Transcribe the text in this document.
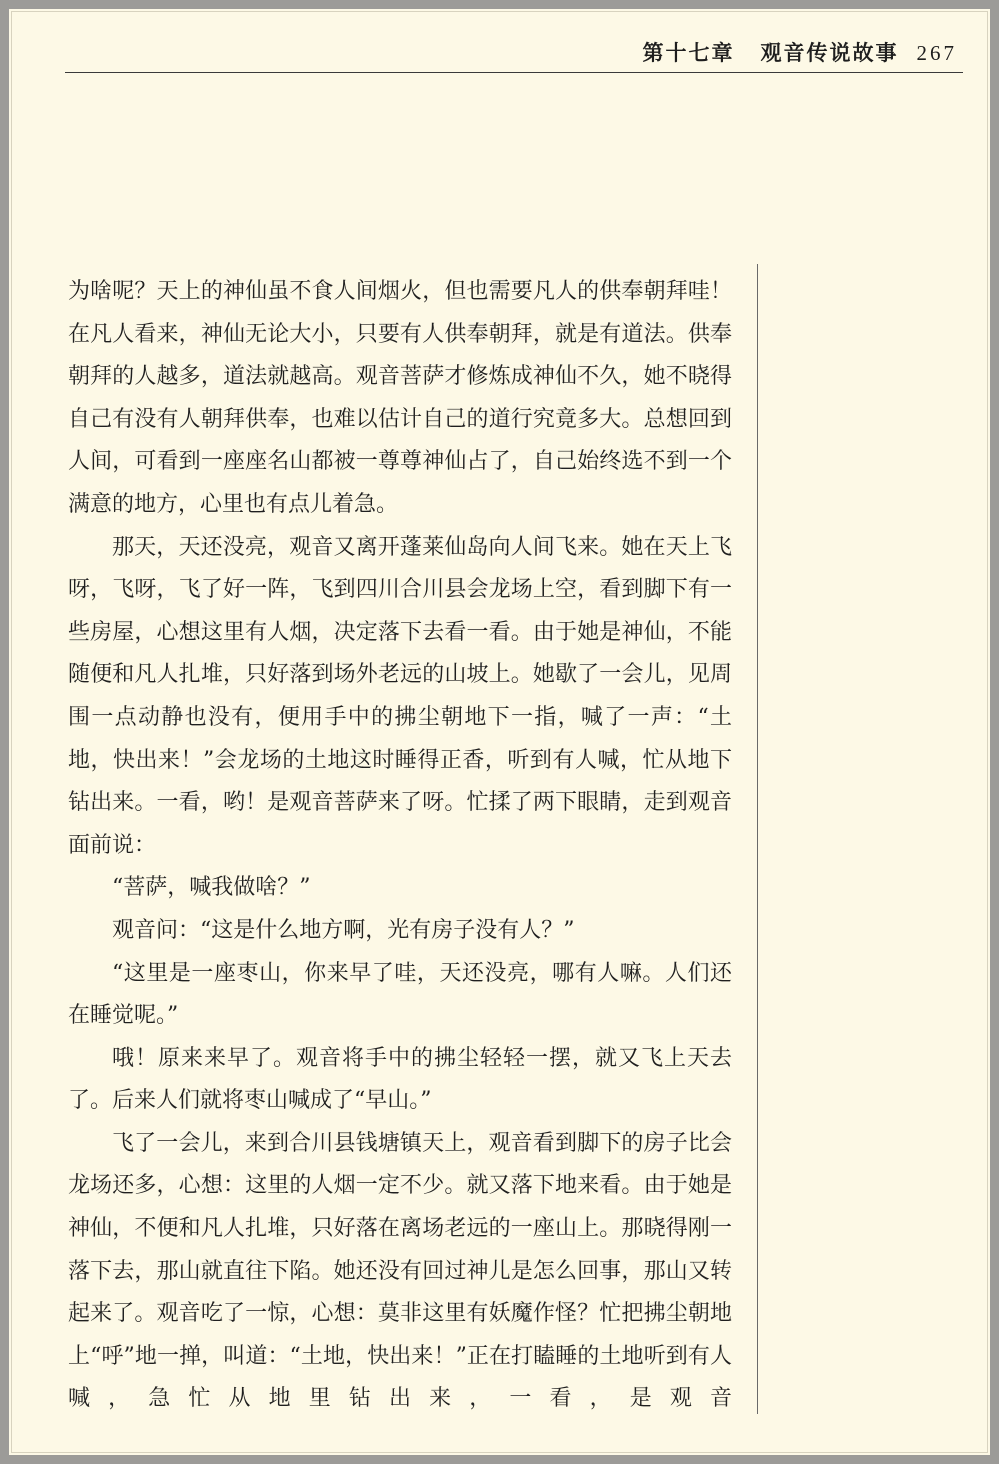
第十七章 观音传说故事 267

为啥呢？天上的神仙虽不食人间烟火，但也需要凡人的供奉朝拜哇！在凡人看来，神仙无论大小，只要有人供奉朝拜，就是有道法。供奉朝拜的人越多，道法就越高。观音菩萨才修炼成神仙不久，她不晓得自己有没有人朝拜供奉，也难以估计自己的道行究竟多大。总想回到人间，可看到一座座名山都被一尊尊神仙占了，自己始终选不到一个满意的地方，心里也有点儿着急。

那天，天还没亮，观音又离开蓬莱仙岛向人间飞来。她在天上飞呀，飞呀，飞了好一阵，飞到四川合川县会龙场上空，看到脚下有一些房屋，心想这里有人烟，决定落下去看一看。由于她是神仙，不能随便和凡人扎堆，只好落到场外老远的山坡上。她歇了一会儿，见周围一点动静也没有，便用手中的拂尘朝地下一指，喊了一声：“土地，快出来！”会龙场的土地这时睡得正香，听到有人喊，忙从地下钻出来。一看，哟！是观音菩萨来了呀。忙揉了两下眼睛，走到观音面前说：

“菩萨，喊我做啥？”

观音问：“这是什么地方啊，光有房子没有人？”

“这里是一座枣山，你来早了哇，天还没亮，哪有人嘛。人们还在睡觉呢。”

哦！原来来早了。观音将手中的拂尘轻轻一摆，就又飞上天去了。后来人们就将枣山喊成了“早山。”

飞了一会儿，来到合川县钱塘镇天上，观音看到脚下的房子比会龙场还多，心想：这里的人烟一定不少。就又落下地来看。由于她是神仙，不便和凡人扎堆，只好落在离场老远的一座山上。那晓得刚一落下去，那山就直往下陷。她还没有回过神儿是怎么回事，那山又转起来了。观音吃了一惊，心想：莫非这里有妖魔作怪？忙把拂尘朝地上“呼”地一掸，叫道：“土地，快出来！”正在打瞌睡的土地听到有人喊，急忙从地里钻出来，一看，是观音
